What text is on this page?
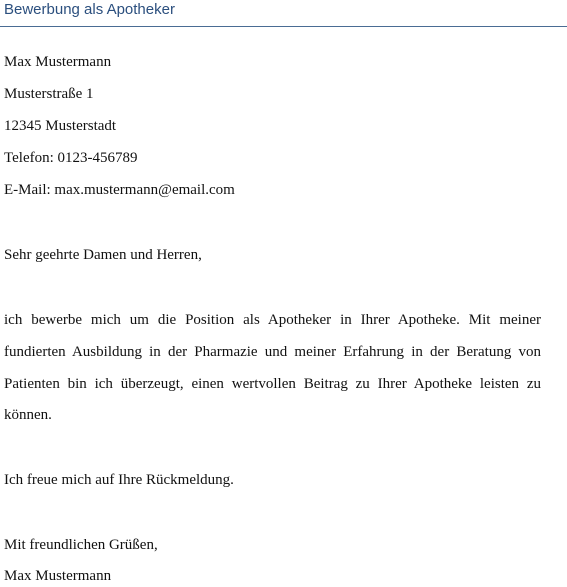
Bewerbung als Apotheker

Max Mustermann

Musterstraße 1

12345 Musterstadt

Telefon: 0123-456789

E-Mail: max.mustermann@email.com

Sehr geehrte Damen und Herren,

ich bewerbe mich um die Position als Apotheker in Ihrer Apotheke. Mit meiner

fundierten Ausbildung in der Pharmazie und meiner Erfahrung in der Beratung von

Patienten bin ich überzeugt, einen wertvollen Beitrag zu Ihrer Apotheke leisten zu

können.

Ich freue mich auf Ihre Rückmeldung.

Mit freundlichen Grüßen,

Max Mustermann
